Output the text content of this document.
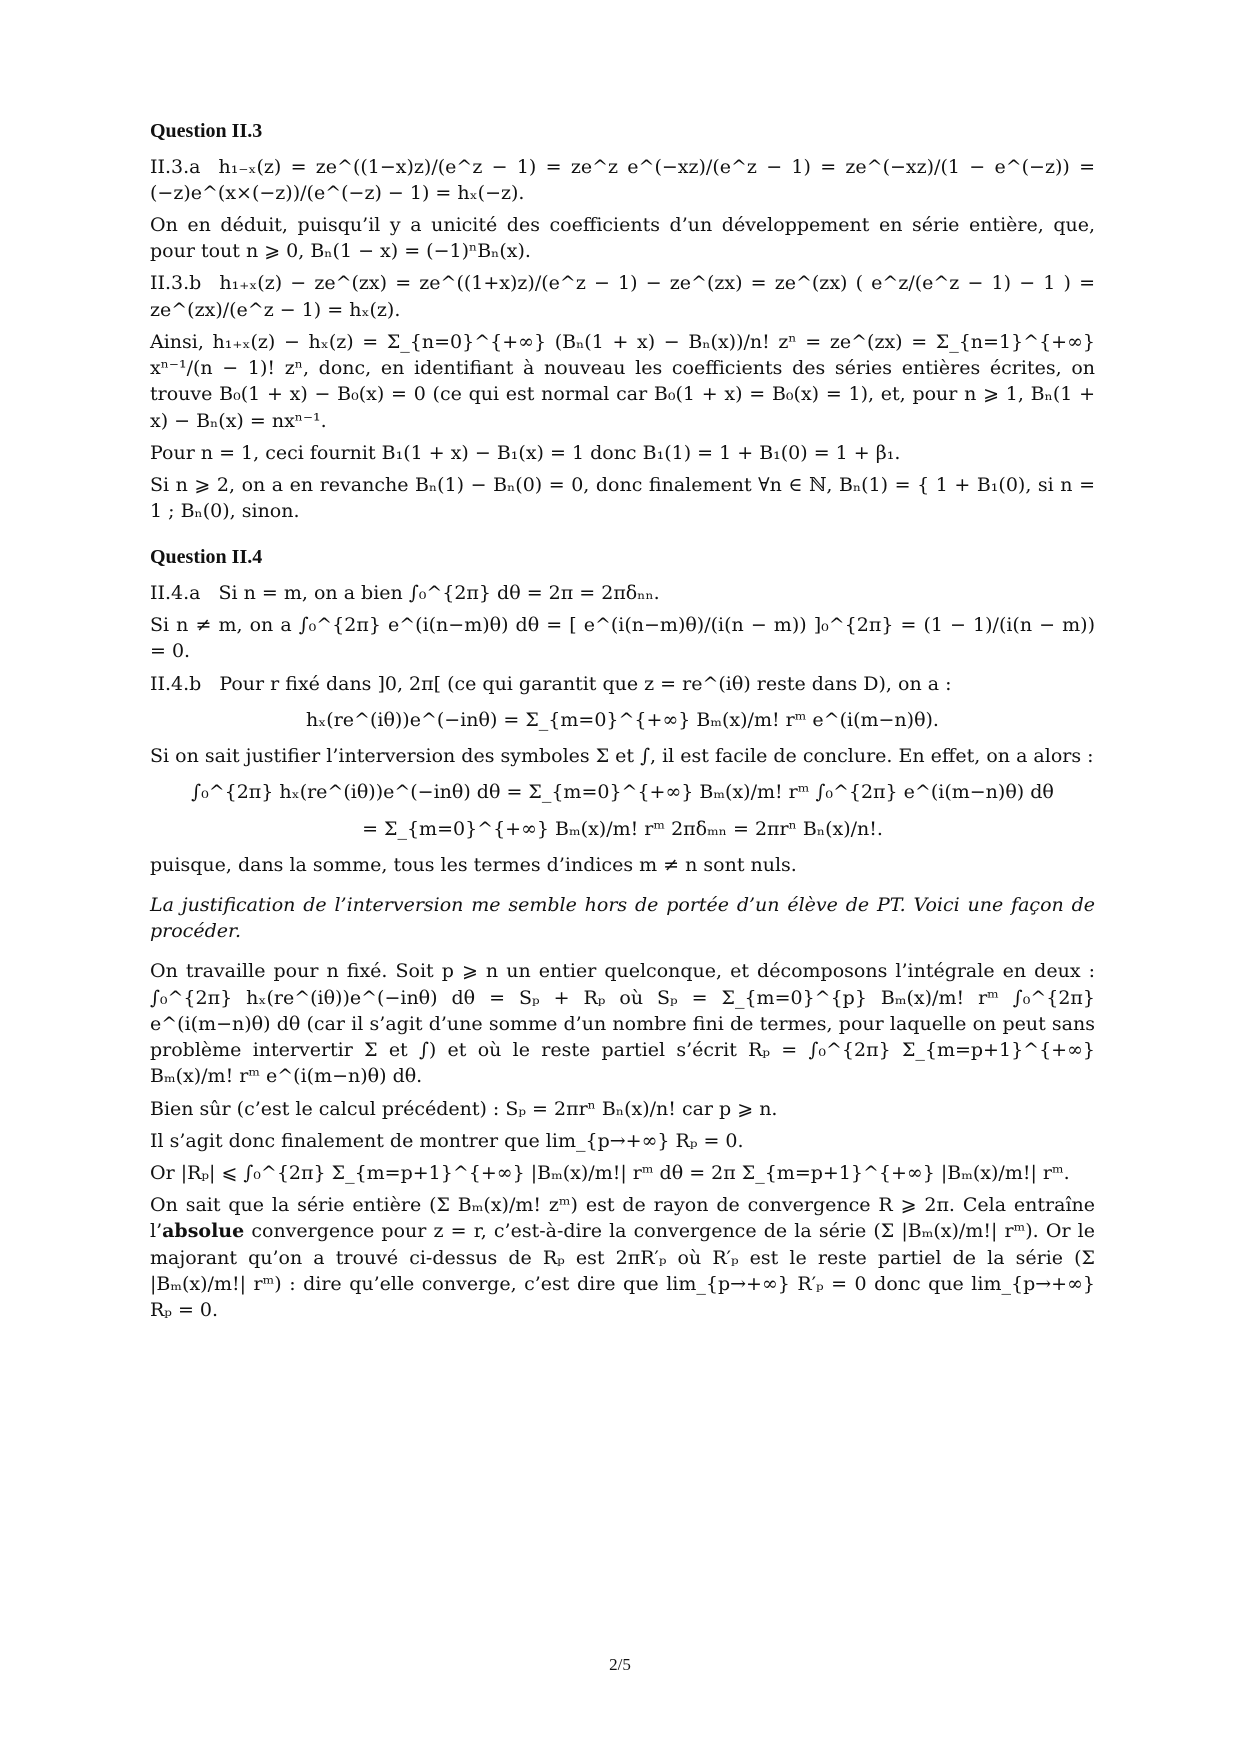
Question II.3

II.3.a h₁₋ₓ(z) = ze^((1−x)z)/(e^z − 1) = ze^z e^(−xz)/(e^z − 1) = ze^(−xz)/(1 − e^(−z)) = (−z)e^(x×(−z))/(e^(−z) − 1) = hₓ(−z).

On en déduit, puisqu’il y a unicité des coefficients d’un développement en série entière, que, pour tout n ⩾ 0, Bₙ(1 − x) = (−1)ⁿBₙ(x).

II.3.b h₁₊ₓ(z) − ze^(zx) = ze^((1+x)z)/(e^z − 1) − ze^(zx) = ze^(zx) ( e^z/(e^z − 1) − 1 ) = ze^(zx)/(e^z − 1) = hₓ(z).

Ainsi, h₁₊ₓ(z) − hₓ(z) = Σ_{n=0}^{+∞} (Bₙ(1 + x) − Bₙ(x))/n! zⁿ = ze^(zx) = Σ_{n=1}^{+∞} xⁿ⁻¹/(n − 1)! zⁿ, donc, en identifiant à nouveau les coefficients des séries entières écrites, on trouve B₀(1 + x) − B₀(x) = 0 (ce qui est normal car B₀(1 + x) = B₀(x) = 1), et, pour n ⩾ 1, Bₙ(1 + x) − Bₙ(x) = nxⁿ⁻¹.

Pour n = 1, ceci fournit B₁(1 + x) − B₁(x) = 1 donc B₁(1) = 1 + B₁(0) = 1 + β₁.

Si n ⩾ 2, on a en revanche Bₙ(1) − Bₙ(0) = 0, donc finalement ∀n ∈ ℕ, Bₙ(1) = { 1 + B₁(0), si n = 1 ; Bₙ(0), sinon.

Question II.4

II.4.a Si n = m, on a bien ∫₀^{2π} dθ = 2π = 2πδₙₙ.

Si n ≠ m, on a ∫₀^{2π} e^(i(n−m)θ) dθ = [ e^(i(n−m)θ)/(i(n − m)) ]₀^{2π} = (1 − 1)/(i(n − m)) = 0.

II.4.b Pour r fixé dans ]0, 2π[ (ce qui garantit que z = re^(iθ) reste dans D), on a :

hₓ(re^(iθ))e^(−inθ) = Σ_{m=0}^{+∞} Bₘ(x)/m! rᵐ e^(i(m−n)θ).

Si on sait justifier l’interversion des symboles Σ et ∫, il est facile de conclure. En effet, on a alors :

∫₀^{2π} hₓ(re^(iθ))e^(−inθ) dθ = Σ_{m=0}^{+∞} Bₘ(x)/m! rᵐ ∫₀^{2π} e^(i(m−n)θ) dθ

= Σ_{m=0}^{+∞} Bₘ(x)/m! rᵐ 2πδₘₙ = 2πrⁿ Bₙ(x)/n!.

puisque, dans la somme, tous les termes d’indices m ≠ n sont nuls.

La justification de l’interversion me semble hors de portée d’un élève de PT. Voici une façon de procéder.

On travaille pour n fixé. Soit p ⩾ n un entier quelconque, et décomposons l’intégrale en deux : ∫₀^{2π} hₓ(re^(iθ))e^(−inθ) dθ = Sₚ + Rₚ où Sₚ = Σ_{m=0}^{p} Bₘ(x)/m! rᵐ ∫₀^{2π} e^(i(m−n)θ) dθ (car il s’agit d’une somme d’un nombre fini de termes, pour laquelle on peut sans problème intervertir Σ et ∫) et où le reste partiel s’écrit Rₚ = ∫₀^{2π} Σ_{m=p+1}^{+∞} Bₘ(x)/m! rᵐ e^(i(m−n)θ) dθ.

Bien sûr (c’est le calcul précédent) : Sₚ = 2πrⁿ Bₙ(x)/n! car p ⩾ n.

Il s’agit donc finalement de montrer que lim_{p→+∞} Rₚ = 0.

Or |Rₚ| ⩽ ∫₀^{2π} Σ_{m=p+1}^{+∞} |Bₘ(x)/m!| rᵐ dθ = 2π Σ_{m=p+1}^{+∞} |Bₘ(x)/m!| rᵐ.

On sait que la série entière (Σ Bₘ(x)/m! zᵐ) est de rayon de convergence R ⩾ 2π. Cela entraîne l’absolue convergence pour z = r, c’est-à-dire la convergence de la série (Σ |Bₘ(x)/m!| rᵐ). Or le majorant qu’on a trouvé ci-dessus de Rₚ est 2πR′ₚ où R′ₚ est le reste partiel de la série (Σ |Bₘ(x)/m!| rᵐ) : dire qu’elle converge, c’est dire que lim_{p→+∞} R′ₚ = 0 donc que lim_{p→+∞} Rₚ = 0.

2/5
